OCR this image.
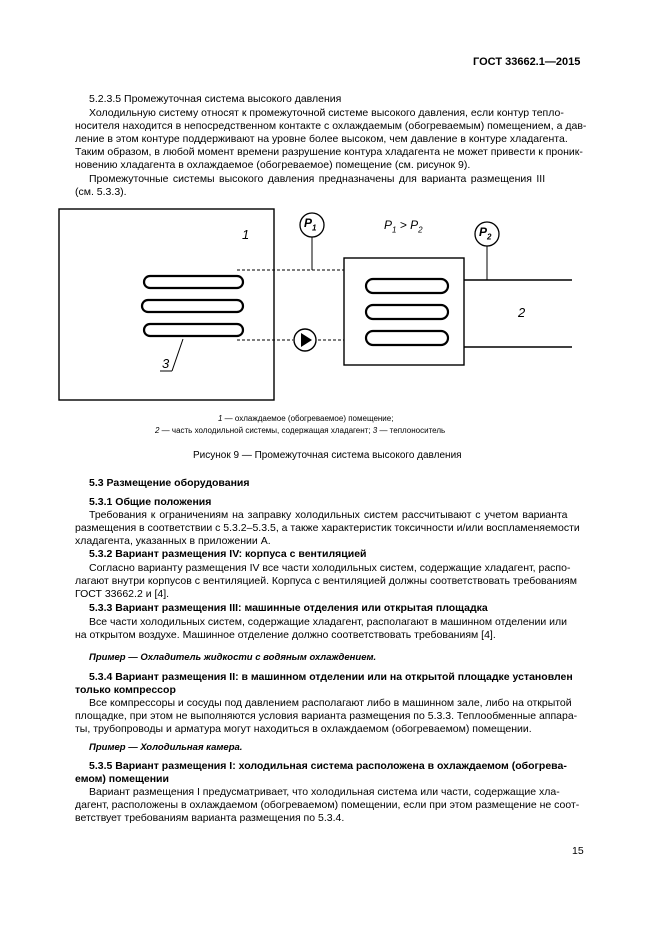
ГОСТ 33662.1—2015
5.2.3.5 Промежуточная система высокого давления
Холодильную систему относят к промежуточной системе высокого давления, если контур тепло-
носителя находится в непосредственном контакте с охлаждаемым (обогреваемым) помещением, а дав-
ление в этом контуре поддерживают на уровне более высоком, чем давление в контуре хладагента.
Таким образом, в любой момент времени разрушение контура хладагента не может привести к проник-
новению хладагента в охлаждаемое (обогреваемое) помещение (см. рисунок 9).
Промежуточные системы высокого давления предназначены для варианта размещения III
(см. 5.3.3).
1
2
3
$P_1$	$P_2$
$P_1 > P_2$
1 — охлаждаемое (обогреваемое) помещение;
2 — часть холодильной системы, содержащая хладагент; 3 — теплоноситель
Рисунок 9 — Промежуточная система высокого давления
5.3 Размещение оборудования
5.3.1 Общие положения
Требования к ограничениям на заправку холодильных систем рассчитывают с учетом варианта
размещения в соответствии с 5.3.2–5.3.5, а также характеристик токсичности и/или воспламеняемости
хладагента, указанных в приложении А.
5.3.2 Вариант размещения IV: корпуса с вентиляцией
Согласно варианту размещения IV все части холодильных систем, содержащие хладагент, распо-
лагают внутри корпусов с вентиляцией. Корпуса с вентиляцией должны соответствовать требованиям
ГОСТ 33662.2 и [4].
5.3.3 Вариант размещения III: машинные отделения или открытая площадка
Все части холодильных систем, содержащие хладагент, располагают в машинном отделении или
на открытом воздухе. Машинное отделение должно соответствовать требованиям [4].
Пример — Охладитель жидкости с водяным охлаждением.
5.3.4 Вариант размещения II: в машинном отделении или на открытой площадке установлен
только компрессор
Все компрессоры и сосуды под давлением располагают либо в машинном зале, либо на открытой
площадке, при этом не выполняются условия варианта размещения по 5.3.3. Теплообменные аппара-
ты, трубопроводы и арматура могут находиться в охлаждаемом (обогреваемом) помещении.
Пример — Холодильная камера.
5.3.5 Вариант размещения I: холодильная система расположена в охлаждаемом (обогрева-
емом) помещении
Вариант размещения I предусматривает, что холодильная система или части, содержащие хла-
дагент, расположены в охлаждаемом (обогреваемом) помещении, если при этом размещение не соот-
ветствует требованиям варианта размещения по 5.3.4.
15
